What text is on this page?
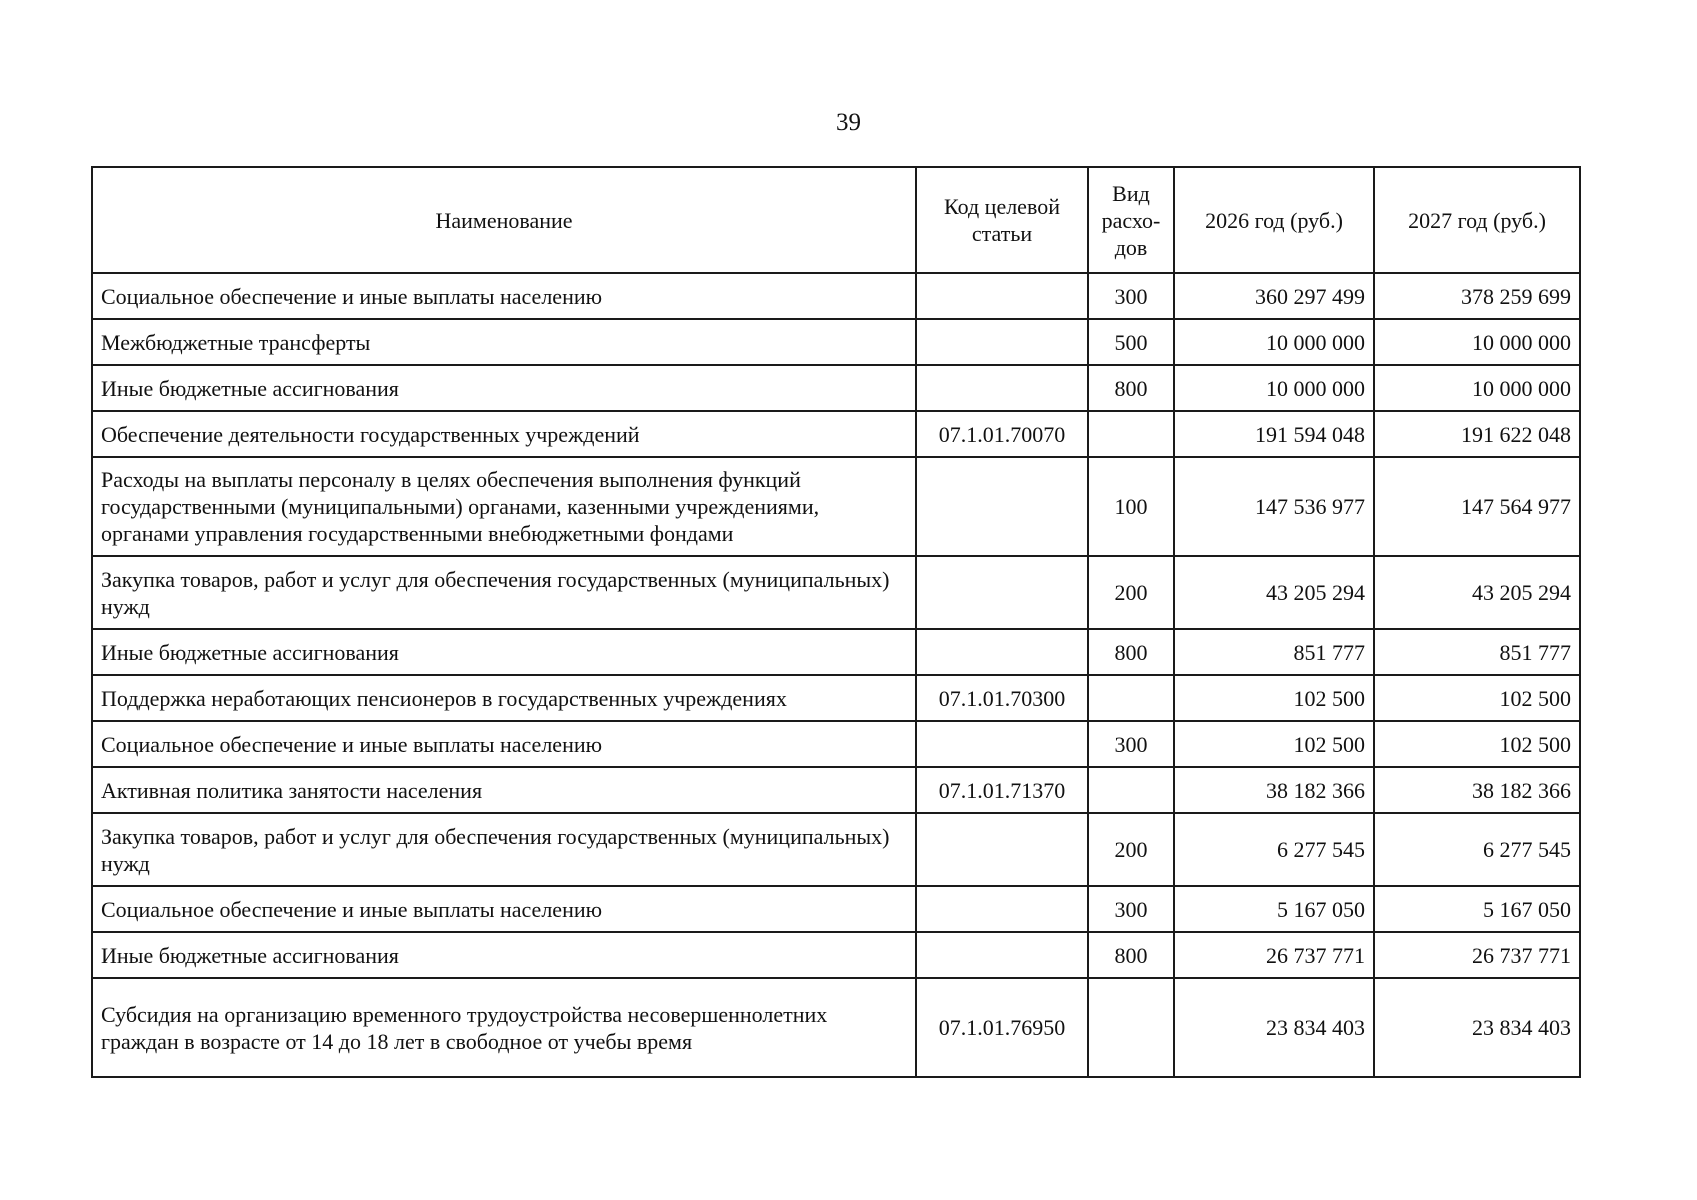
39
Наименование	Код целевой статьи	Вид расхо-дов	2026 год (руб.)	2027 год (руб.)
Социальное обеспечение и иные выплаты населению		300	360 297 499	378 259 699
Межбюджетные трансферты		500	10 000 000	10 000 000
Иные бюджетные ассигнования		800	10 000 000	10 000 000
Обеспечение деятельности государственных учреждений	07.1.01.70070		191 594 048	191 622 048
Расходы на выплаты персоналу в целях обеспечения выполнения функций государственными (муниципальными) органами, казенными учреждениями, органами управления государственными внебюджетными фондами		100	147 536 977	147 564 977
Закупка товаров, работ и услуг для обеспечения государственных (муниципальных) нужд		200	43 205 294	43 205 294
Иные бюджетные ассигнования		800	851 777	851 777
Поддержка неработающих пенсионеров в государственных учреждениях	07.1.01.70300		102 500	102 500
Социальное обеспечение и иные выплаты населению		300	102 500	102 500
Активная политика занятости населения	07.1.01.71370		38 182 366	38 182 366
Закупка товаров, работ и услуг для обеспечения государственных (муниципальных) нужд		200	6 277 545	6 277 545
Социальное обеспечение и иные выплаты населению		300	5 167 050	5 167 050
Иные бюджетные ассигнования		800	26 737 771	26 737 771
Субсидия на организацию временного трудоустройства несовершеннолетних граждан в возрасте от 14 до 18 лет в свободное от учебы время	07.1.01.76950		23 834 403	23 834 403
